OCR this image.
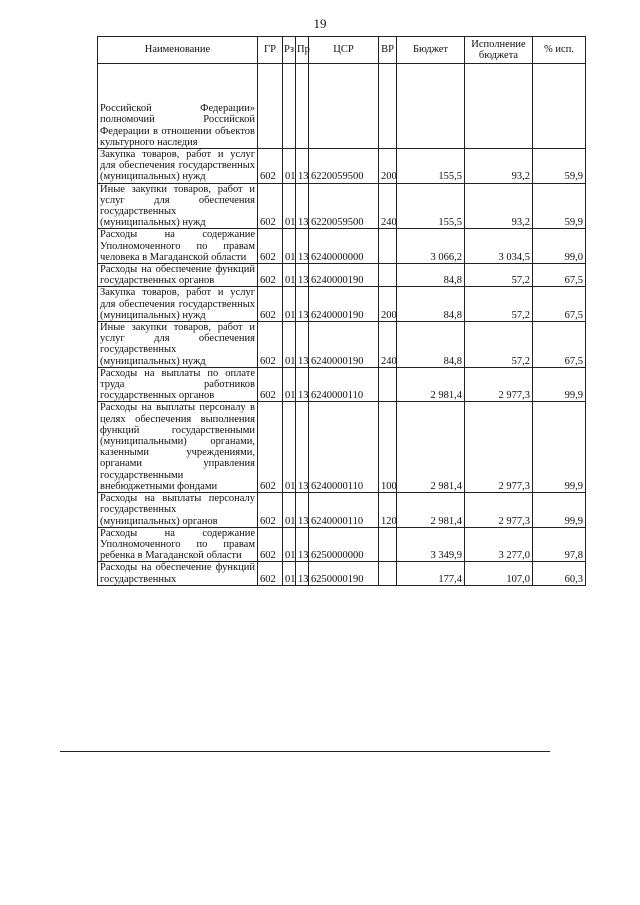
19
Наименование	ГР	Рз	Пр	ЦСР	ВР	Бюджет	Исполнение бюджета	% исп.
Российской Федерации» полномочий Российской Федерации в отношении объектов культурного наследия								
Закупка товаров, работ и услуг для обеспечения государственных (муниципальных) нужд	602	01	13	6220059500	200	155,5	93,2	59,9
Иные закупки товаров, работ и услуг для обеспечения государственных (муниципальных) нужд	602	01	13	6220059500	240	155,5	93,2	59,9
Расходы на содержание Уполномоченного по правам человека в Магаданской области	602	01	13	6240000000		3 066,2	3 034,5	99,0
Расходы на обеспечение функций государственных органов	602	01	13	6240000190		84,8	57,2	67,5
Закупка товаров, работ и услуг для обеспечения государственных (муниципальных) нужд	602	01	13	6240000190	200	84,8	57,2	67,5
Иные закупки товаров, работ и услуг для обеспечения государственных (муниципальных) нужд	602	01	13	6240000190	240	84,8	57,2	67,5
Расходы на выплаты по оплате труда работников государственных органов	602	01	13	6240000110		2 981,4	2 977,3	99,9
Расходы на выплаты персоналу в целях обеспечения выполнения функций государственными (муниципальными) органами, казенными учреждениями, органами управления государственными внебюджетными фондами	602	01	13	6240000110	100	2 981,4	2 977,3	99,9
Расходы на выплаты персоналу государственных (муниципальных) органов	602	01	13	6240000110	120	2 981,4	2 977,3	99,9
Расходы на содержание Уполномоченного по правам ребенка в Магаданской области	602	01	13	6250000000		3 349,9	3 277,0	97,8
Расходы на обеспечение функций государственных	602	01	13	6250000190		177,4	107,0	60,3
